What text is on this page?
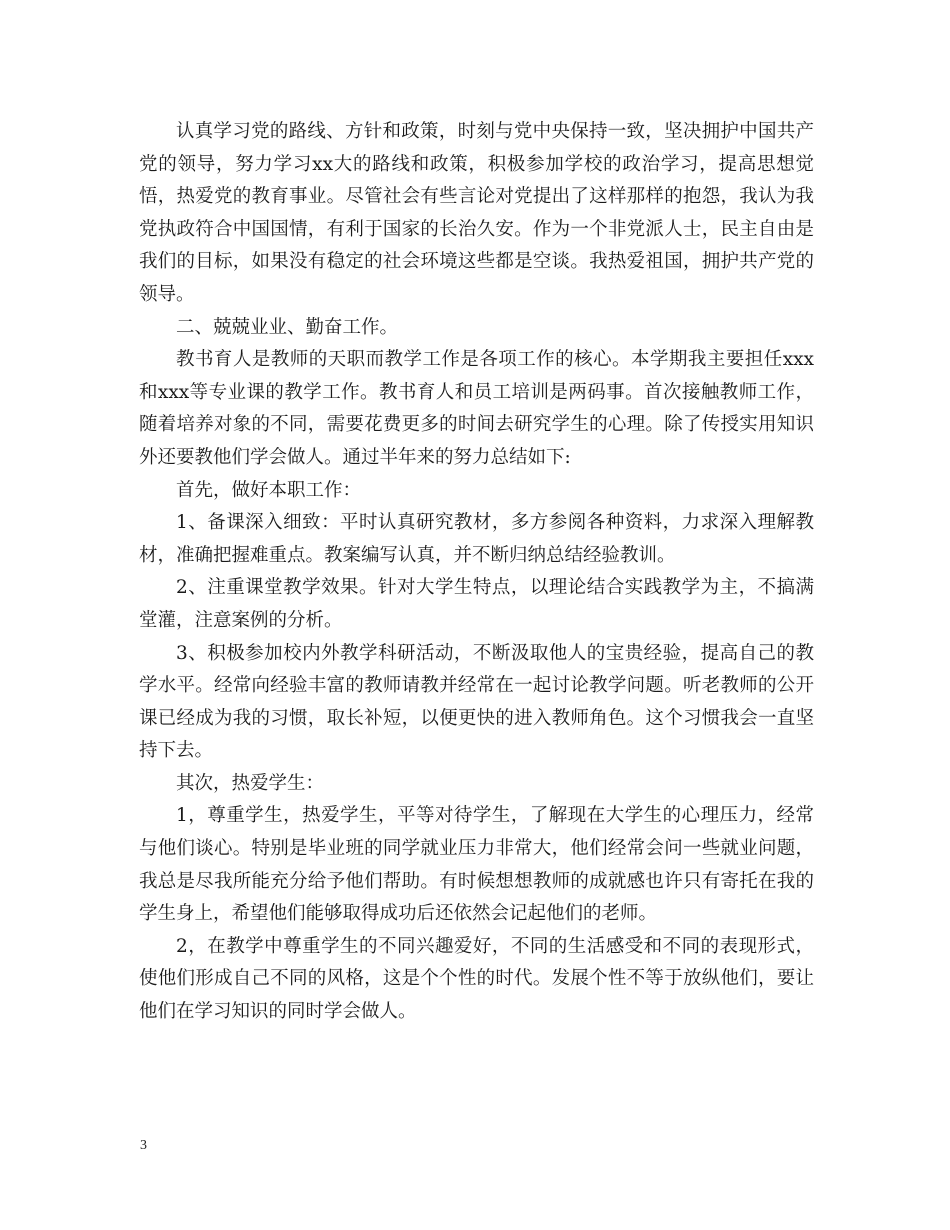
认真学习党的路线、方针和政策，时刻与党中央保持一致，坚决拥护中国共产党的领导，努力学习xx大的路线和政策，积极参加学校的政治学习，提高思想觉悟，热爱党的教育事业。尽管社会有些言论对党提出了这样那样的抱怨，我认为我党执政符合中国国情，有利于国家的长治久安。作为一个非党派人士，民主自由是我们的目标，如果没有稳定的社会环境这些都是空谈。我热爱祖国，拥护共产党的领导。

二、兢兢业业、勤奋工作。

教书育人是教师的天职而教学工作是各项工作的核心。本学期我主要担任xxx和xxx等专业课的教学工作。教书育人和员工培训是两码事。首次接触教师工作，随着培养对象的不同，需要花费更多的时间去研究学生的心理。除了传授实用知识外还要教他们学会做人。通过半年来的努力总结如下:

首先，做好本职工作：

1、备课深入细致：平时认真研究教材，多方参阅各种资料，力求深入理解教材，准确把握难重点。教案编写认真，并不断归纳总结经验教训。

2、注重课堂教学效果。针对大学生特点，以理论结合实践教学为主，不搞满堂灌，注意案例的分析。

3、积极参加校内外教学科研活动，不断汲取他人的宝贵经验，提高自己的教学水平。经常向经验丰富的教师请教并经常在一起讨论教学问题。听老教师的公开课已经成为我的习惯，取长补短，以便更快的进入教师角色。这个习惯我会一直坚持下去。

其次，热爱学生：

1，尊重学生，热爱学生，平等对待学生，了解现在大学生的心理压力，经常与他们谈心。特别是毕业班的同学就业压力非常大，他们经常会问一些就业问题，我总是尽我所能充分给予他们帮助。有时候想想教师的成就感也许只有寄托在我的学生身上，希望他们能够取得成功后还依然会记起他们的老师。

2，在教学中尊重学生的不同兴趣爱好，不同的生活感受和不同的表现形式，使他们形成自己不同的风格，这是个个性的时代。发展个性不等于放纵他们，要让他们在学习知识的同时学会做人。

3
